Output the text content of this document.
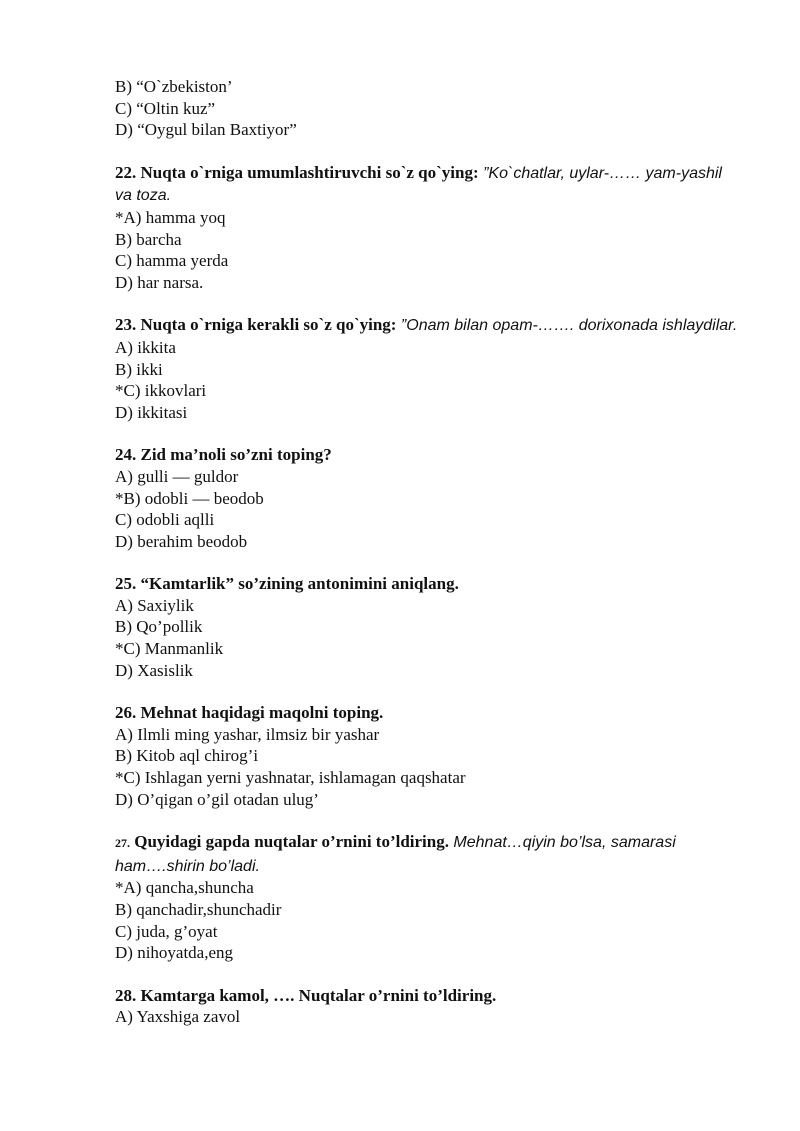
B) “O`zbekiston’
C) “Oltin kuz”
D) “Oygul bilan Baxtiyor”
22. Nuqta o`rniga umumlashtiruvchi so`z qo`ying: ”Ko`chatlar, uylar-…… yam-yashil va toza.
*A) hamma yoq
B) barcha
C) hamma yerda
D) har narsa.
23. Nuqta o`rniga kerakli so`z qo`ying: ”Onam bilan opam-……. dorixonada ishlaydilar.
A) ikkita
B) ikki
*C) ikkovlari
D) ikkitasi
24. Zid ma’noli so’zni toping?
A) gulli — guldor
*B) odobli — beodob
C) odobli aqlli
D) berahim beodob
25. “Kamtarlik” so’zining antonimini aniqlang.
A) Saxiylik
B) Qo’pollik
*C) Manmanlik
D) Xasislik
26. Mehnat haqidagi maqolni toping.
A) Ilmli ming yashar, ilmsiz bir yashar
B) Kitob aql chirog’i
*C) Ishlagan yerni yashnatar, ishlamagan qaqshatar
D) O’qigan o’gil otadan ulug’
27. Quyidagi gapda nuqtalar o’rnini to’ldiring. Mehnat…qiyin bo’lsa, samarasi ham….shirin bo’ladi.
*A) qancha,shuncha
B) qanchadir,shunchadir
C) juda, g’oyat
D) nihoyatda,eng
28. Kamtarga kamol, …. Nuqtalar o’rnini to’ldiring.
A) Yaxshiga zavol
